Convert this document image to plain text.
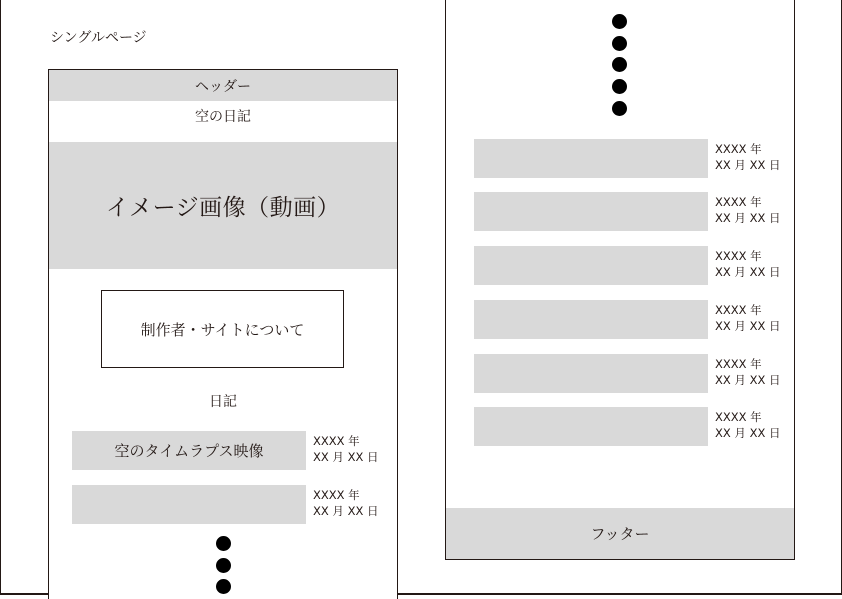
シングルページ
ヘッダー
空の日記
イメージ画像（動画）
制作者・サイトについて
日記
空のタイムラプス映像
XXXX 年
XX 月 XX 日
XXXX 年
XX 月 XX 日
XXXX 年
XX 月 XX 日
XXXX 年
XX 月 XX 日
XXXX 年
XX 月 XX 日
XXXX 年
XX 月 XX 日
XXXX 年
XX 月 XX 日
XXXX 年
XX 月 XX 日
フッター
